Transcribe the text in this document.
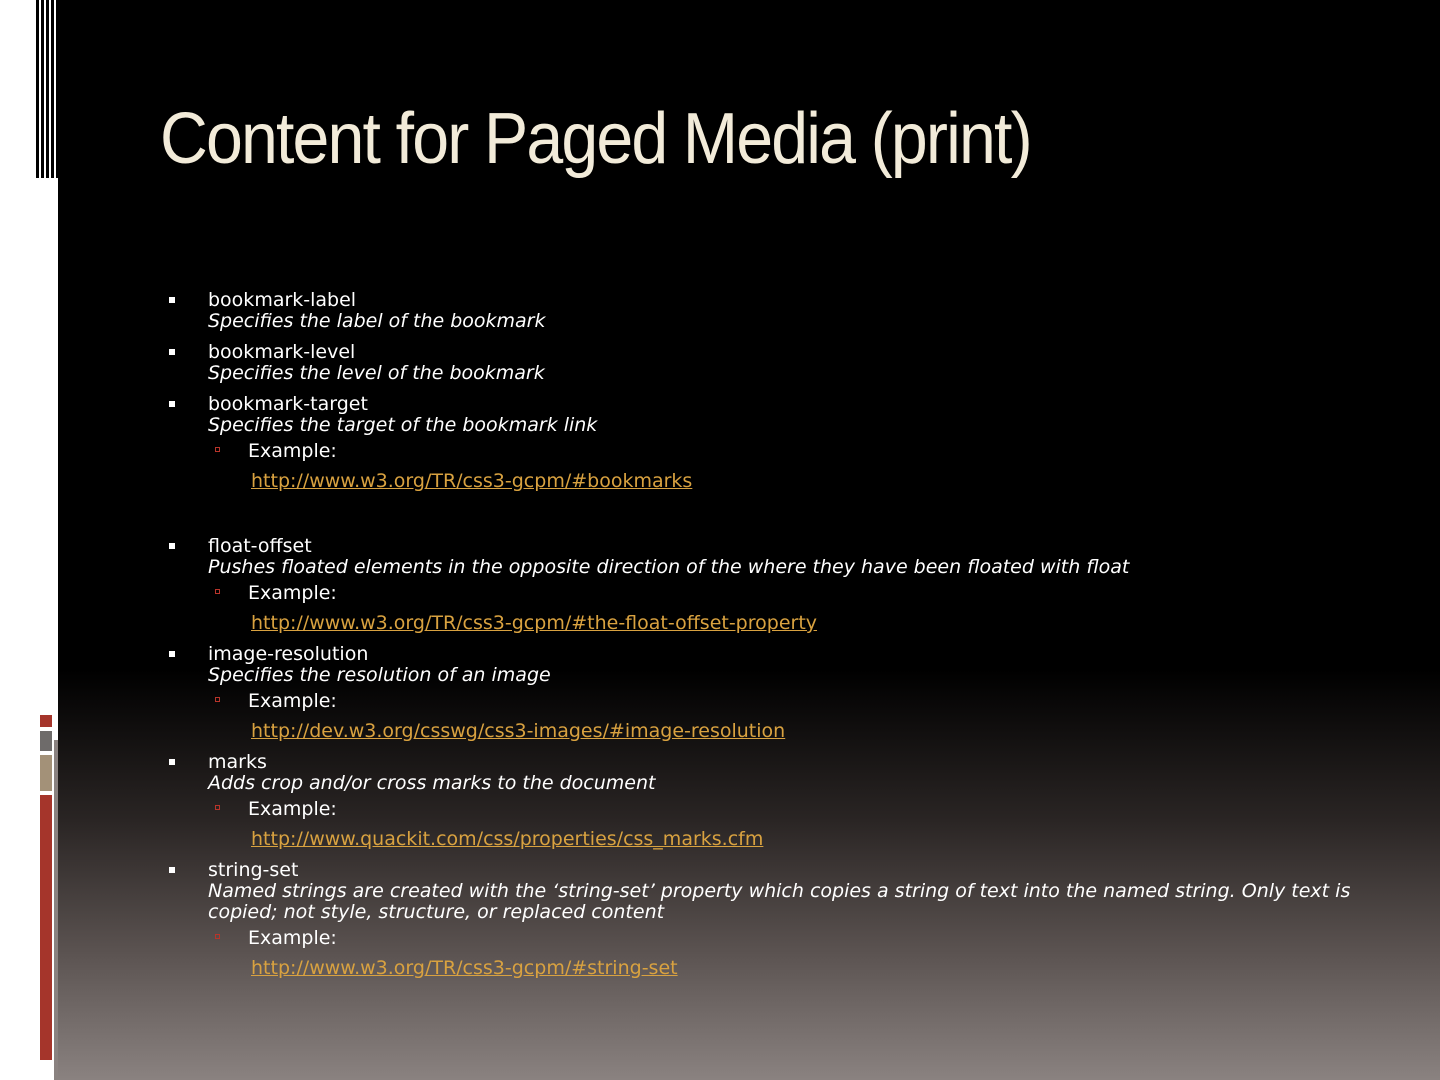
Content for Paged Media (print)
bookmark-label
Specifies the label of the bookmark
bookmark-level
Specifies the level of the bookmark
bookmark-target
Specifies the target of the bookmark link
Example:
http://www.w3.org/TR/css3-gcpm/#bookmarks
float-offset
Pushes floated elements in the opposite direction of the where they have been floated with float
Example:
http://www.w3.org/TR/css3-gcpm/#the-float-offset-property
image-resolution
Specifies the resolution of an image
Example:
http://dev.w3.org/csswg/css3-images/#image-resolution
marks
Adds crop and/or cross marks to the document
Example:
http://www.quackit.com/css/properties/css_marks.cfm
string-set
Named strings are created with the ‘string-set’ property which copies a string of text into the named string. Only text is copied; not style, structure, or replaced content
Example:
http://www.w3.org/TR/css3-gcpm/#string-set
